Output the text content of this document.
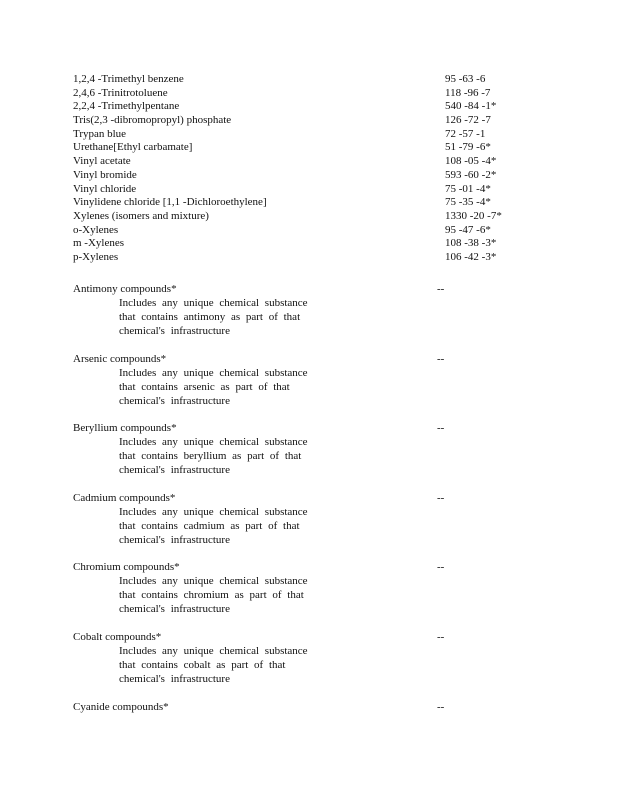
1,2,4 -Trimethyl benzene	95 -63 -6
2,4,6 -Trinitrotoluene	118 -96 -7
2,2,4 -Trimethylpentane	540 -84 -1*
Tris(2,3 -dibromopropyl) phosphate	126 -72 -7
Trypan blue	72 -57 -1
Urethane[Ethyl carbamate]	51 -79 -6*
Vinyl acetate	108 -05 -4*
Vinyl bromide	593 -60 -2*
Vinyl chloride	75 -01 -4*
Vinylidene chloride [1,1 -Dichloroethylene]	75 -35 -4*
Xylenes (isomers and mixture)	1330 -20 -7*
o-Xylenes	95 -47 -6*
m -Xylenes	108 -38 -3*
p-Xylenes	106 -42 -3*
Antimony compounds*	--
Includes any unique chemical substance that contains antimony as part of that chemical's infrastructure
Arsenic compounds*	--
Includes any unique chemical substance that contains arsenic as part of that chemical's infrastructure
Beryllium compounds*	--
Includes any unique chemical substance that contains beryllium as part of that chemical's infrastructure
Cadmium compounds*	--
Includes any unique chemical substance that contains cadmium as part of that chemical's infrastructure
Chromium compounds*	--
Includes any unique chemical substance that contains chromium as part of that chemical's infrastructure
Cobalt compounds*	--
Includes any unique chemical substance that contains cobalt as part of that chemical's infrastructure
Cyanide compounds*	--
